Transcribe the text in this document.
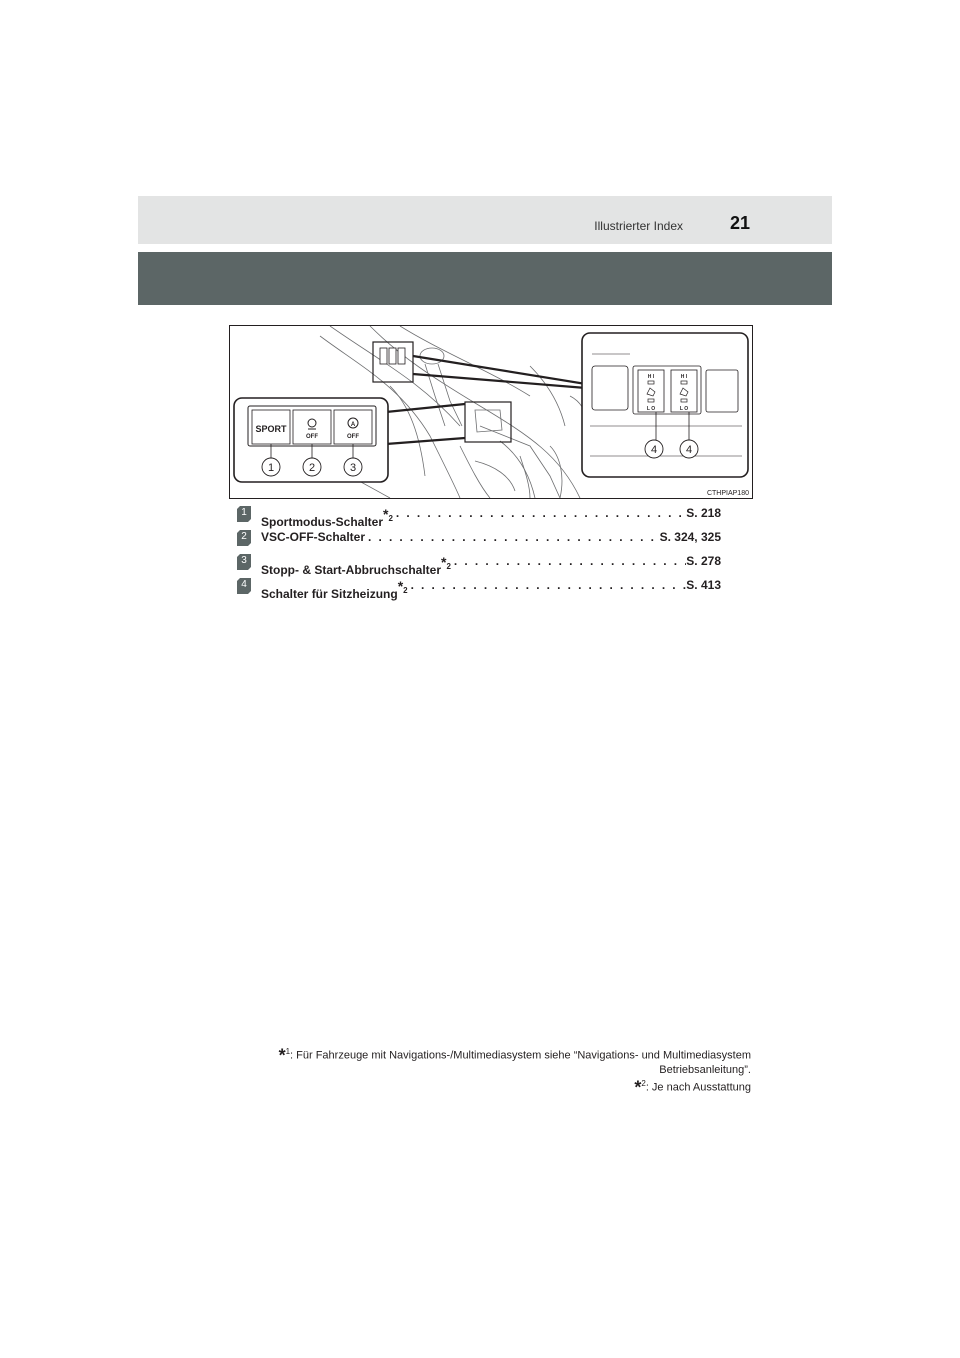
Illustrierter Index	21
SPORT
OFF
A
OFF
1	2	3
H I
L O
H I
L O
4	4
CTHPIAP180
1
Sportmodus-Schalter$^{*2}$ . . .	S. 218
2	VSC-OFF-Schalter . . .	S. 324, 325
3
Stopp- & Start-Abbruchschalter$^{*2}$ . . .	S. 278
4
Schalter für Sitzheizung$^{*2}$ . . .	S. 413
*$^1$: Für Fahrzeuge mit Navigations-/Multimediasystem siehe “Navigations- und Multimediasystem
Betriebsanleitung”.
*$^2$: Je nach Ausstattung
